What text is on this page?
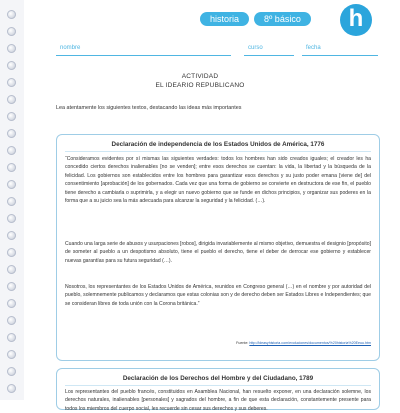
historia	8º básico	h
nombre	curso	fecha
ACTIVIDAD
EL IDEARIO REPUBLICANO
Lea atentamente los siguientes textos, destacando las ideas más importantes
Declaración de independencia de los Estados Unidos de América, 1776
“Consideramos evidentes por sí mismas las siguientes verdades: todos los hombres han sido creados iguales; el creador les ha concedido ciertos derechos inalienables [no se venden]; entre esos derechos se cuentan: la vida, la libertad y la búsqueda de la felicidad. Los gobiernos son establecidos entre los hombres para garantizar esos derechos y su justo poder emana [viene de] del consentimiento [aprobación] de los gobernados. Cada vez que una forma de gobierno se convierte en destructora de ese fin, el pueblo tiene derecho a cambiarla o suprimirla, y a elegir un nuevo gobierno que se funde en dichos principios, y organizar sus poderes en la forma que a su juicio sea la más adecuada para alcanzar la seguridad y la felicidad. (…).
Cuando una larga serie de abusos y usurpaciones [robos], dirigida invariablemente al mismo objetivo, demuestra el designio [propósito] de someter al pueblo a un despotismo absoluto, tiene el pueblo el derecho, tiene el deber de derrocar ese gobierno y establecer nuevas garantías para su futura seguridad (…).
Nosotros, los representantes de los Estados Unidos de América, reunidos en Congreso general (…) en el nombre y por autoridad del pueblo, solemnemente publicamos y declaramos que estas colonias son y de derecho deben ser Estados Libres e Independientes; que se consideran libres de toda unión con la Corona británica.”
Fuente: http://ideasyhistoria.com/evoluciones/documentos/%20historia%20Eeuu.htm
Declaración de los Derechos del Hombre y del Ciudadano, 1789
Los representantes del pueblo francés, constituidos en Asamblea Nacional, han resuelto exponer, en una declaración solemne, los derechos naturales, inalienables [personales] y sagrados del hombre, a fin de que esta declaración, constantemente presente para todos los miembros del cuerpo social, les recuerde sin cesar sus derechos y sus deberes.
